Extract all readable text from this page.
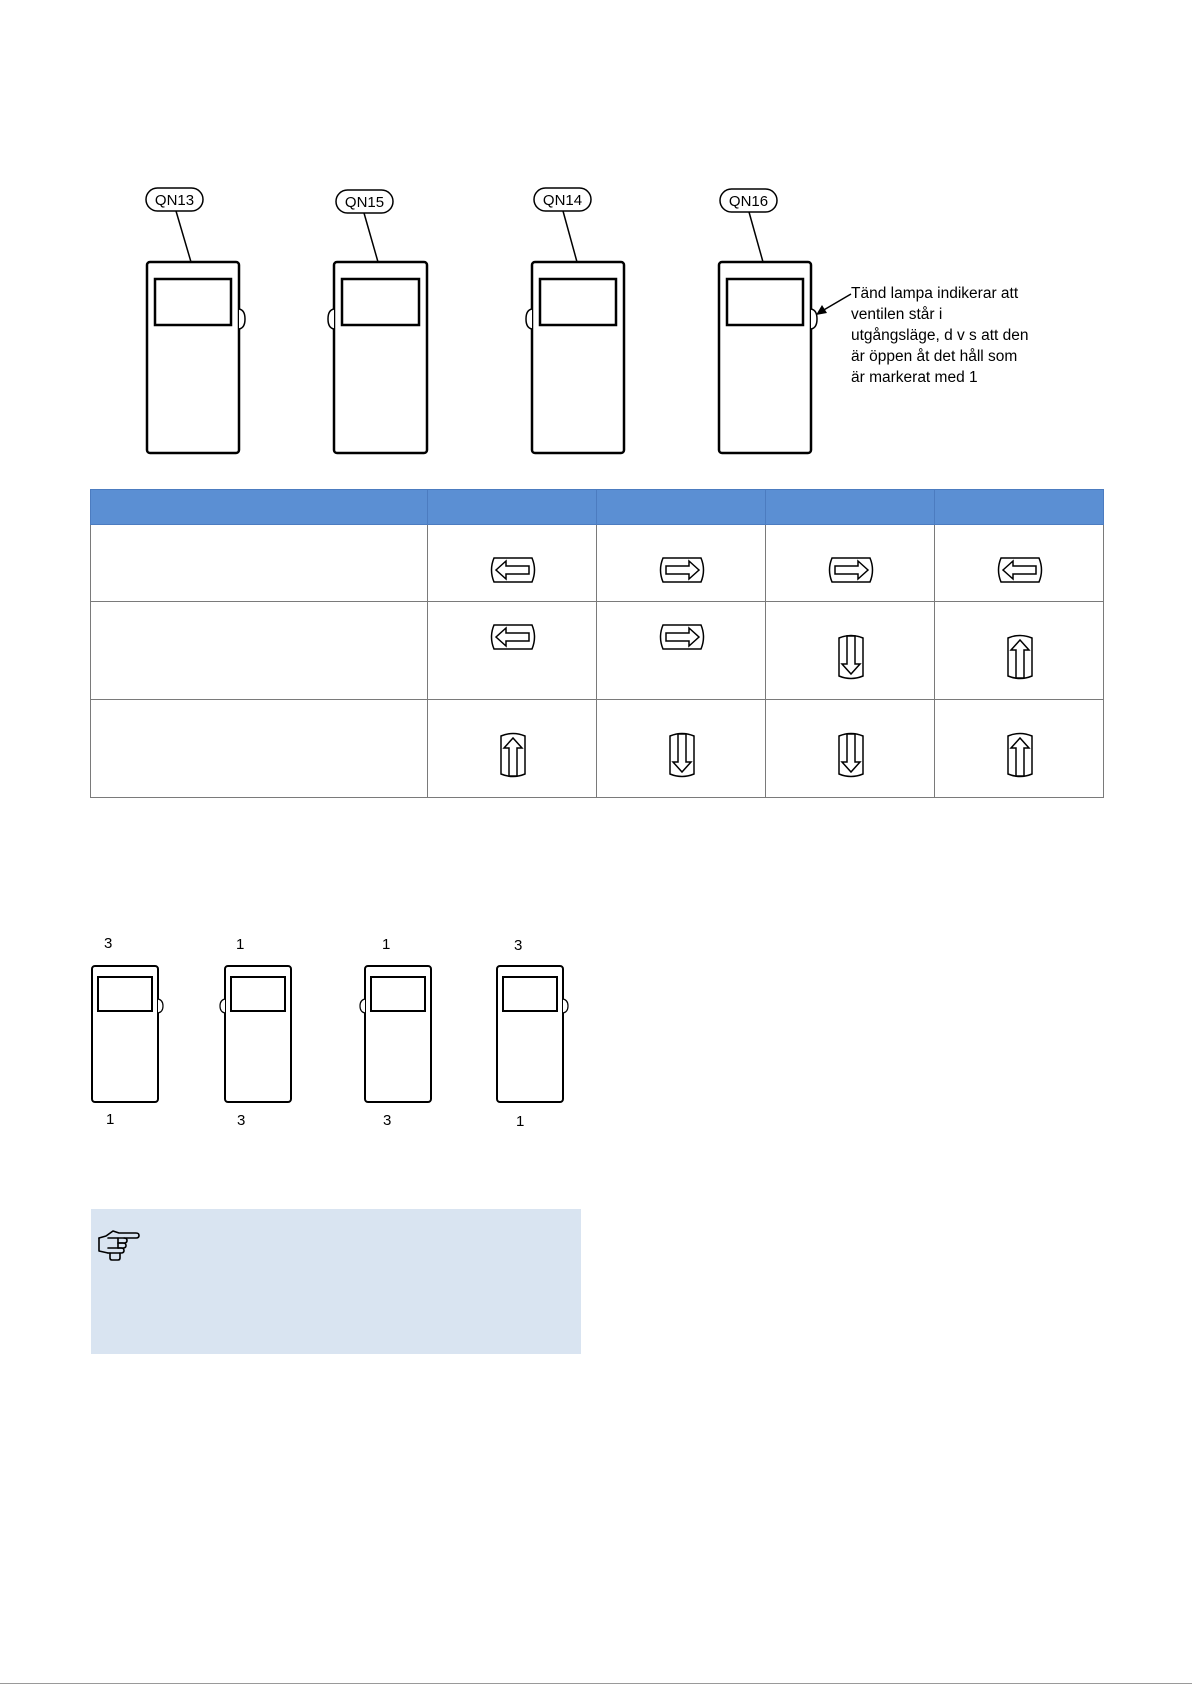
QN13	QN15	QN14	QN16
Tänd lampa indikerar att
ventilen står i
utgångsläge, d v s att den
är öppen åt det håll som
är markerat med 1

3
1
1
3
1
3
3
1
